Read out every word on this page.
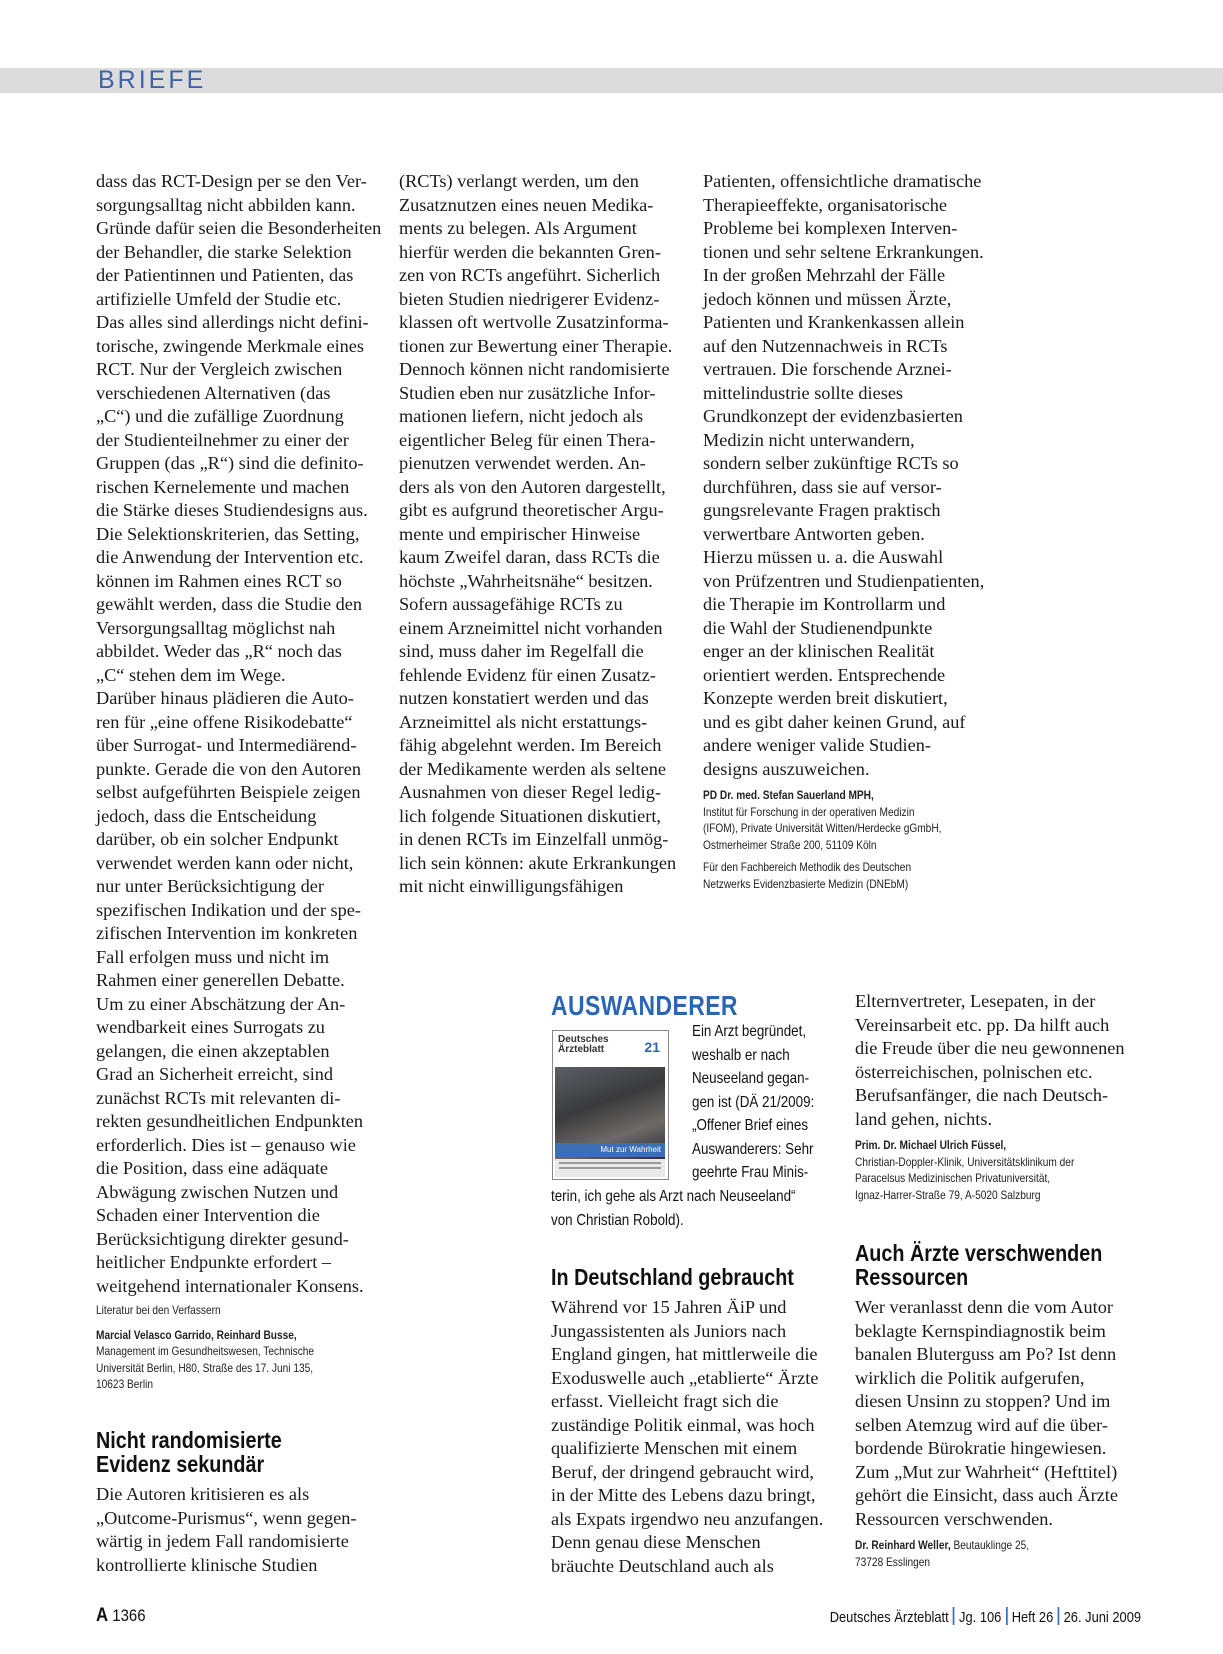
BRIEFE
dass das RCT-Design per se den Ver-
sorgungsalltag nicht abbilden kann.
Gründe dafür seien die Besonderheiten
der Behandler, die starke Selektion
der Patientinnen und Patienten, das
artifizielle Umfeld der Studie etc.
Das alles sind allerdings nicht defini-
torische, zwingende Merkmale eines
RCT. Nur der Vergleich zwischen
verschiedenen Alternativen (das
„C“) und die zufällige Zuordnung
der Studienteilnehmer zu einer der
Gruppen (das „R“) sind die definito-
rischen Kernelemente und machen
die Stärke dieses Studiendesigns aus.
Die Selektionskriterien, das Setting,
die Anwendung der Intervention etc.
können im Rahmen eines RCT so
gewählt werden, dass die Studie den
Versorgungsalltag möglichst nah
abbildet. Weder das „R“ noch das
„C“ stehen dem im Wege.
Darüber hinaus plädieren die Auto-
ren für „eine offene Risikodebatte“
über Surrogat- und Intermediärend-
punkte. Gerade die von den Autoren
selbst aufgeführten Beispiele zeigen
jedoch, dass die Entscheidung
darüber, ob ein solcher Endpunkt
verwendet werden kann oder nicht,
nur unter Berücksichtigung der
spezifischen Indikation und der spe-
zifischen Intervention im konkreten
Fall erfolgen muss und nicht im
Rahmen einer generellen Debatte.
Um zu einer Abschätzung der An-
wendbarkeit eines Surrogats zu
gelangen, die einen akzeptablen
Grad an Sicherheit erreicht, sind
zunächst RCTs mit relevanten di-
rekten gesundheitlichen Endpunkten
erforderlich. Dies ist – genauso wie
die Position, dass eine adäquate
Abwägung zwischen Nutzen und
Schaden einer Intervention die
Berücksichtigung direkter gesund-
heitlicher Endpunkte erfordert –
weitgehend internationaler Konsens.
Literatur bei den Verfassern
Marcial Velasco Garrido, Reinhard Busse,
Management im Gesundheitswesen, Technische
Universität Berlin, H80, Straße des 17. Juni 135,
10623 Berlin
Nicht randomisierte
Evidenz sekundär
Die Autoren kritisieren es als
„Outcome-Purismus“, wenn gegen-
wärtig in jedem Fall randomisierte
kontrollierte klinische Studien
(RCTs) verlangt werden, um den
Zusatznutzen eines neuen Medika-
ments zu belegen. Als Argument
hierfür werden die bekannten Gren-
zen von RCTs angeführt. Sicherlich
bieten Studien niedrigerer Evidenz-
klassen oft wertvolle Zusatzinforma-
tionen zur Bewertung einer Therapie.
Dennoch können nicht randomisierte
Studien eben nur zusätzliche Infor-
mationen liefern, nicht jedoch als
eigentlicher Beleg für einen Thera-
pienutzen verwendet werden. An-
ders als von den Autoren dargestellt,
gibt es aufgrund theoretischer Argu-
mente und empirischer Hinweise
kaum Zweifel daran, dass RCTs die
höchste „Wahrheitsnähe“ besitzen.
Sofern aussagefähige RCTs zu
einem Arzneimittel nicht vorhanden
sind, muss daher im Regelfall die
fehlende Evidenz für einen Zusatz-
nutzen konstatiert werden und das
Arzneimittel als nicht erstattungs-
fähig abgelehnt werden. Im Bereich
der Medikamente werden als seltene
Ausnahmen von dieser Regel ledig-
lich folgende Situationen diskutiert,
in denen RCTs im Einzelfall unmög-
lich sein können: akute Erkrankungen
mit nicht einwilligungsfähigen
Patienten, offensichtliche dramatische
Therapieeffekte, organisatorische
Probleme bei komplexen Interven-
tionen und sehr seltene Erkrankungen.
In der großen Mehrzahl der Fälle
jedoch können und müssen Ärzte,
Patienten und Krankenkassen allein
auf den Nutzennachweis in RCTs
vertrauen. Die forschende Arznei-
mittelindustrie sollte dieses
Grundkonzept der evidenzbasierten
Medizin nicht unterwandern,
sondern selber zukünftige RCTs so
durchführen, dass sie auf versor-
gungsrelevante Fragen praktisch
verwertbare Antworten geben.
Hierzu müssen u. a. die Auswahl
von Prüfzentren und Studienpatienten,
die Therapie im Kontrollarm und
die Wahl der Studienendpunkte
enger an der klinischen Realität
orientiert werden. Entsprechende
Konzepte werden breit diskutiert,
und es gibt daher keinen Grund, auf
andere weniger valide Studien-
designs auszuweichen.
PD Dr. med. Stefan Sauerland MPH,
Institut für Forschung in der operativen Medizin
(IFOM), Private Universität Witten/Herdecke gGmbH,
Ostmerheimer Straße 200, 51109 Köln
Für den Fachbereich Methodik des Deutschen
Netzwerks Evidenzbasierte Medizin (DNEbM)
AUSWANDERER
Deutsches
Ärzteblatt	21
Mut zur Wahrheit
Ein Arzt begründet,
weshalb er nach
Neuseeland gegan-
gen ist (DÄ 21/2009:
„Offener Brief eines
Auswanderers: Sehr
geehrte Frau Minis-
terin, ich gehe als Arzt nach Neuseeland“
von Christian Robold).
In Deutschland gebraucht
Während vor 15 Jahren ÄiP und
Jungassistenten als Juniors nach
England gingen, hat mittlerweile die
Exoduswelle auch „etablierte“ Ärzte
erfasst. Vielleicht fragt sich die
zuständige Politik einmal, was hoch
qualifizierte Menschen mit einem
Beruf, der dringend gebraucht wird,
in der Mitte des Lebens dazu bringt,
als Expats irgendwo neu anzufangen.
Denn genau diese Menschen
bräuchte Deutschland auch als
Elternvertreter, Lesepaten, in der
Vereinsarbeit etc. pp. Da hilft auch
die Freude über die neu gewonnenen
österreichischen, polnischen etc.
Berufsanfänger, die nach Deutsch-
land gehen, nichts.
Prim. Dr. Michael Ulrich Füssel,
Christian-Doppler-Klinik, Universitätsklinikum der
Paracelsus Medizinischen Privatuniversität,
Ignaz-Harrer-Straße 79, A-5020 Salzburg
Auch Ärzte verschwenden
Ressourcen
Wer veranlasst denn die vom Autor
beklagte Kernspindiagnostik beim
banalen Bluterguss am Po? Ist denn
wirklich die Politik aufgerufen,
diesen Unsinn zu stoppen? Und im
selben Atemzug wird auf die über-
bordende Bürokratie hingewiesen.
Zum „Mut zur Wahrheit“ (Hefttitel)
gehört die Einsicht, dass auch Ärzte
Ressourcen verschwenden.
Dr. Reinhard Weller, Beutauklinge 25,
73728 Esslingen
A 1366	Deutsches Ärzteblatt Jg. 106 Heft 26 26. Juni 2009
